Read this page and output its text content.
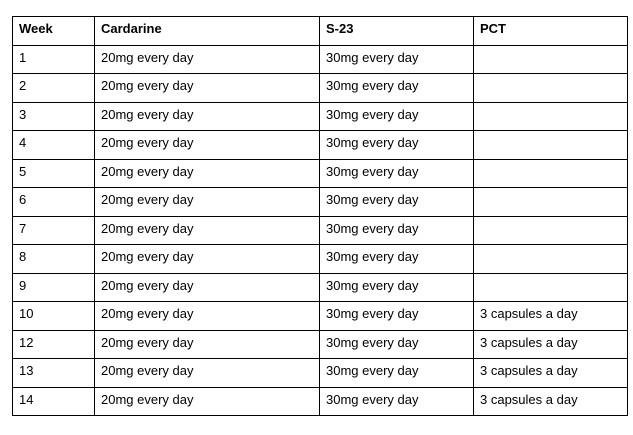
Week	Cardarine	S-23	PCT
1	20mg every day	30mg every day	
2	20mg every day	30mg every day	
3	20mg every day	30mg every day	
4	20mg every day	30mg every day	
5	20mg every day	30mg every day	
6	20mg every day	30mg every day	
7	20mg every day	30mg every day	
8	20mg every day	30mg every day	
9	20mg every day	30mg every day	
10	20mg every day	30mg every day	3 capsules a day
12	20mg every day	30mg every day	3 capsules a day
13	20mg every day	30mg every day	3 capsules a day
14	20mg every day	30mg every day	3 capsules a day
